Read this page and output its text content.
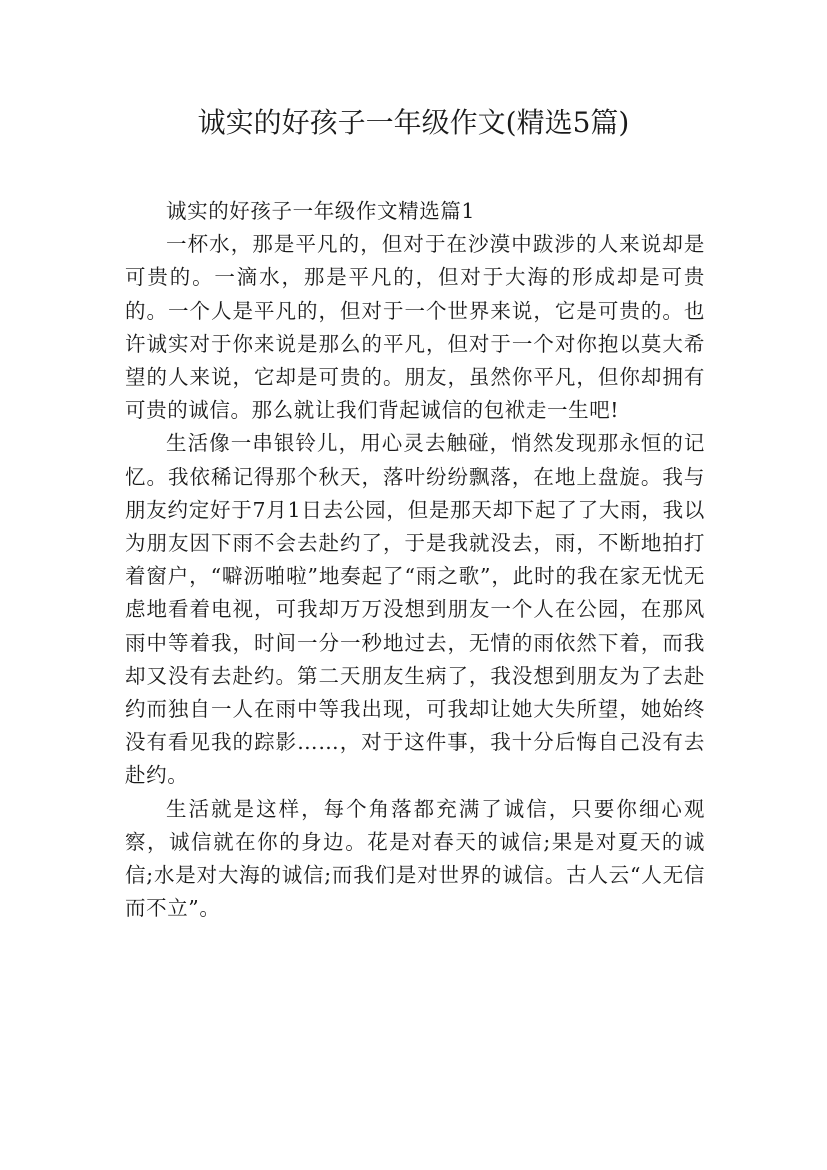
诚实的好孩子一年级作文(精选5篇)
诚实的好孩子一年级作文精选篇1

一杯水，那是平凡的，但对于在沙漠中跋涉的人来说却是可贵的。一滴水，那是平凡的，但对于大海的形成却是可贵的。一个人是平凡的，但对于一个世界来说，它是可贵的。也许诚实对于你来说是那么的平凡，但对于一个对你抱以莫大希望的人来说，它却是可贵的。朋友，虽然你平凡，但你却拥有可贵的诚信。那么就让我们背起诚信的包袱走一生吧!

生活像一串银铃儿，用心灵去触碰，悄然发现那永恒的记忆。我依稀记得那个秋天，落叶纷纷飘落，在地上盘旋。我与朋友约定好于7月1日去公园，但是那天却下起了了大雨，我以为朋友因下雨不会去赴约了，于是我就没去，雨，不断地拍打着窗户，“噼沥啪啦”地奏起了“雨之歌”，此时的我在家无忧无虑地看着电视，可我却万万没想到朋友一个人在公园，在那风雨中等着我，时间一分一秒地过去，无情的雨依然下着，而我却又没有去赴约。第二天朋友生病了，我没想到朋友为了去赴约而独自一人在雨中等我出现，可我却让她大失所望，她始终没有看见我的踪影……，对于这件事，我十分后悔自己没有去赴约。

生活就是这样，每个角落都充满了诚信，只要你细心观察，诚信就在你的身边。花是对春天的诚信;果是对夏天的诚信;水是对大海的诚信;而我们是对世界的诚信。古人云“人无信而不立”。
